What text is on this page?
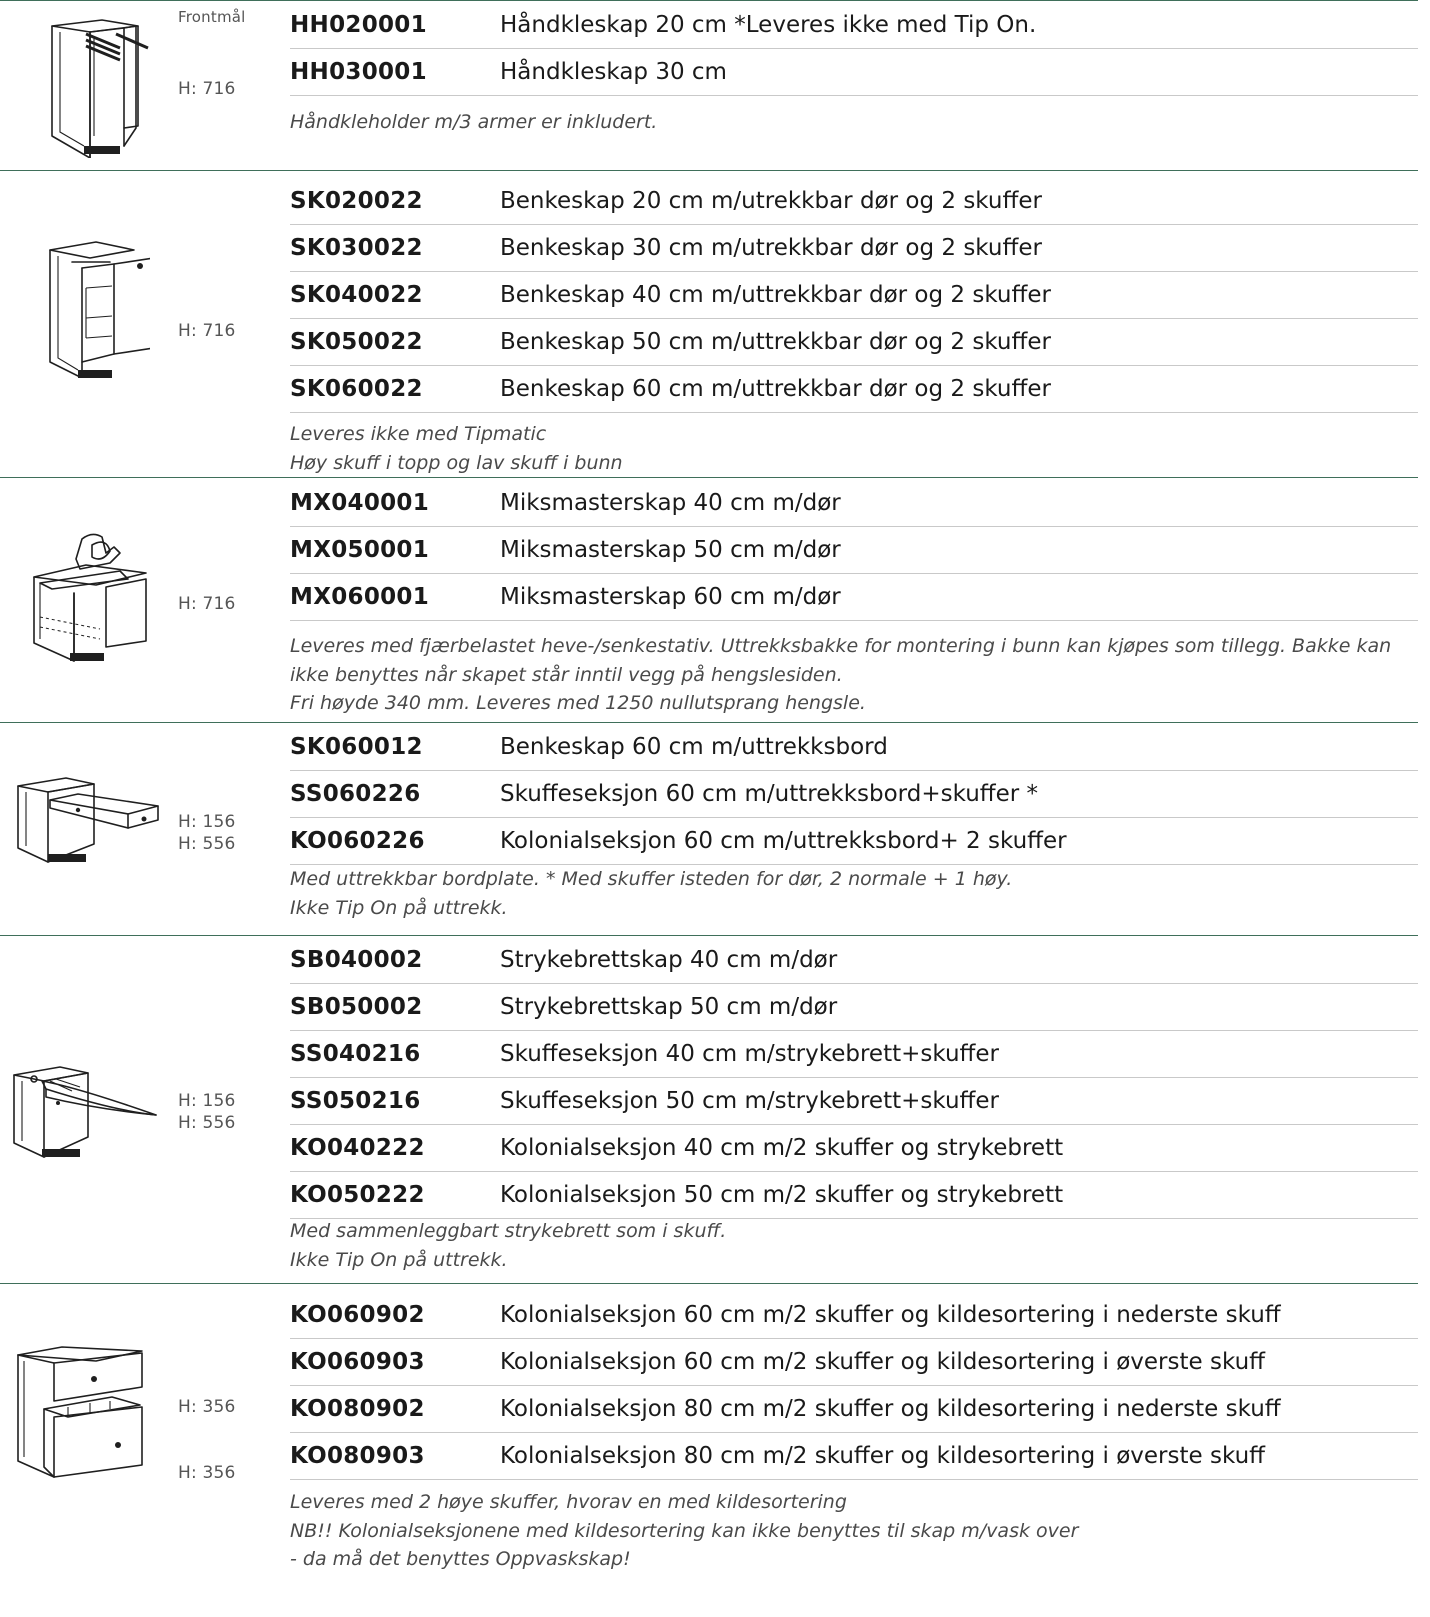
Frontmål
H: 716
HH020001	Håndkleskap 20 cm *Leveres ikke med Tip On.
HH030001	Håndkleskap 30 cm
Håndkleholder m/3 armer er inkludert.
H: 716
SK020022	Benkeskap 20 cm m/utrekkbar dør og 2 skuffer
SK030022	Benkeskap 30 cm m/utrekkbar dør og 2 skuffer
SK040022	Benkeskap 40 cm m/uttrekkbar dør og 2 skuffer
SK050022	Benkeskap 50 cm m/uttrekkbar dør og 2 skuffer
SK060022	Benkeskap 60 cm m/uttrekkbar dør og 2 skuffer
Leveres ikke med Tipmatic
Høy skuff i topp og lav skuff i bunn
H: 716
MX040001	Miksmasterskap 40 cm m/dør
MX050001	Miksmasterskap 50 cm m/dør
MX060001	Miksmasterskap 60 cm m/dør
Leveres med fjærbelastet heve-/senkestativ. Uttrekksbakke for montering i bunn kan kjøpes som tillegg. Bakke kan
ikke benyttes når skapet står inntil vegg på hengslesiden.
Fri høyde 340 mm. Leveres med 1250 nullutsprang hengsle.
H: 156
H: 556
SK060012	Benkeskap 60 cm m/uttrekksbord
SS060226	Skuffeseksjon 60 cm m/uttrekksbord+skuffer *
KO060226	Kolonialseksjon 60 cm m/uttrekksbord+ 2 skuffer
Med uttrekkbar bordplate. * Med skuffer isteden for dør, 2 normale + 1 høy.
Ikke Tip On på uttrekk.
H: 156
H: 556
SB040002	Strykebrettskap 40 cm m/dør
SB050002	Strykebrettskap 50 cm m/dør
SS040216	Skuffeseksjon 40 cm m/strykebrett+skuffer
SS050216	Skuffeseksjon 50 cm m/strykebrett+skuffer
KO040222	Kolonialseksjon 40 cm m/2 skuffer og strykebrett
KO050222	Kolonialseksjon 50 cm m/2 skuffer og strykebrett
Med sammenleggbart strykebrett som i skuff.
Ikke Tip On på uttrekk.
H: 356
H: 356
KO060902	Kolonialseksjon 60 cm m/2 skuffer og kildesortering i nederste skuff
KO060903	Kolonialseksjon 60 cm m/2 skuffer og kildesortering i øverste skuff
KO080902	Kolonialseksjon 80 cm m/2 skuffer og kildesortering i nederste skuff
KO080903	Kolonialseksjon 80 cm m/2 skuffer og kildesortering i øverste skuff
Leveres med 2 høye skuffer, hvorav en med kildesortering
NB!! Kolonialseksjonene med kildesortering kan ikke benyttes til skap m/vask over
- da må det benyttes Oppvaskskap!
